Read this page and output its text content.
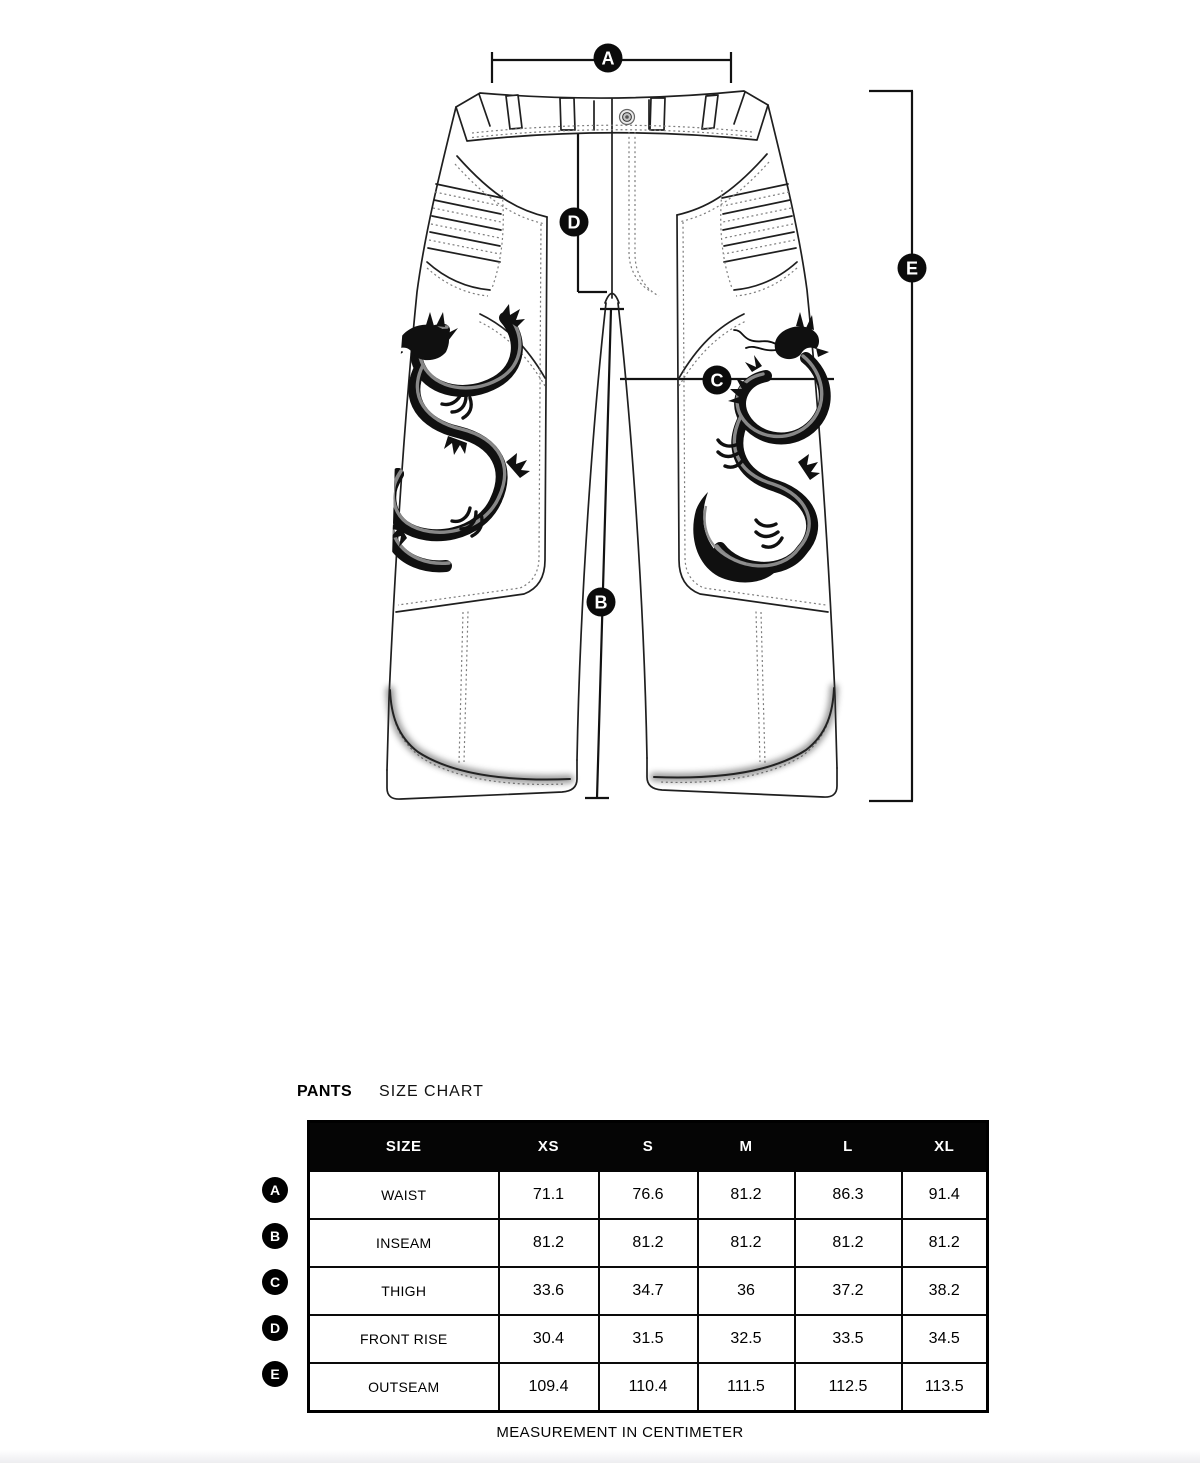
A
D
E
C
B
PANTS SIZE CHART
A
B
C
D
E
SIZE	XS	S	M	L	XL
WAIST	71.1	76.6	81.2	86.3	91.4
INSEAM	81.2	81.2	81.2	81.2	81.2
THIGH	33.6	34.7	36	37.2	38.2
FRONT RISE	30.4	31.5	32.5	33.5	34.5
OUTSEAM	109.4	110.4	111.5	112.5	113.5
MEASUREMENT IN CENTIMETER
